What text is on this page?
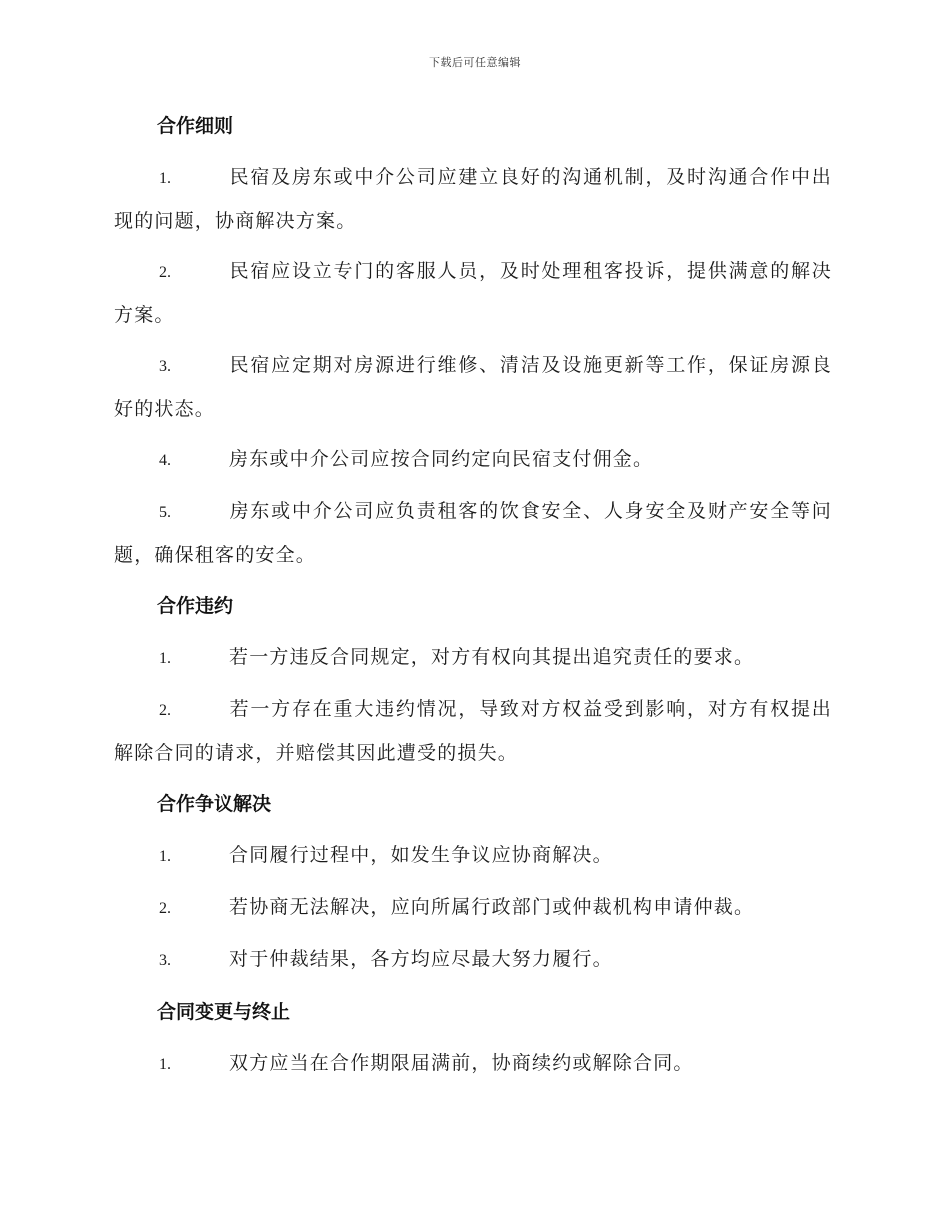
下载后可任意编辑
合作细则

1.	民宿及房东或中介公司应建立良好的沟通机制，及时沟通合作中出现的问题，协商解决方案。

2.	民宿应设立专门的客服人员，及时处理租客投诉，提供满意的解决方案。

3.	民宿应定期对房源进行维修、清洁及设施更新等工作，保证房源良好的状态。

4.	房东或中介公司应按合同约定向民宿支付佣金。

5.	房东或中介公司应负责租客的饮食安全、人身安全及财产安全等问题，确保租客的安全。

合作违约

1.	若一方违反合同规定，对方有权向其提出追究责任的要求。

2.	若一方存在重大违约情况，导致对方权益受到影响，对方有权提出解除合同的请求，并赔偿其因此遭受的损失。

合作争议解决

1.	合同履行过程中，如发生争议应协商解决。

2.	若协商无法解决，应向所属行政部门或仲裁机构申请仲裁。

3.	对于仲裁结果，各方均应尽最大努力履行。

合同变更与终止

1.	双方应当在合作期限届满前，协商续约或解除合同。
